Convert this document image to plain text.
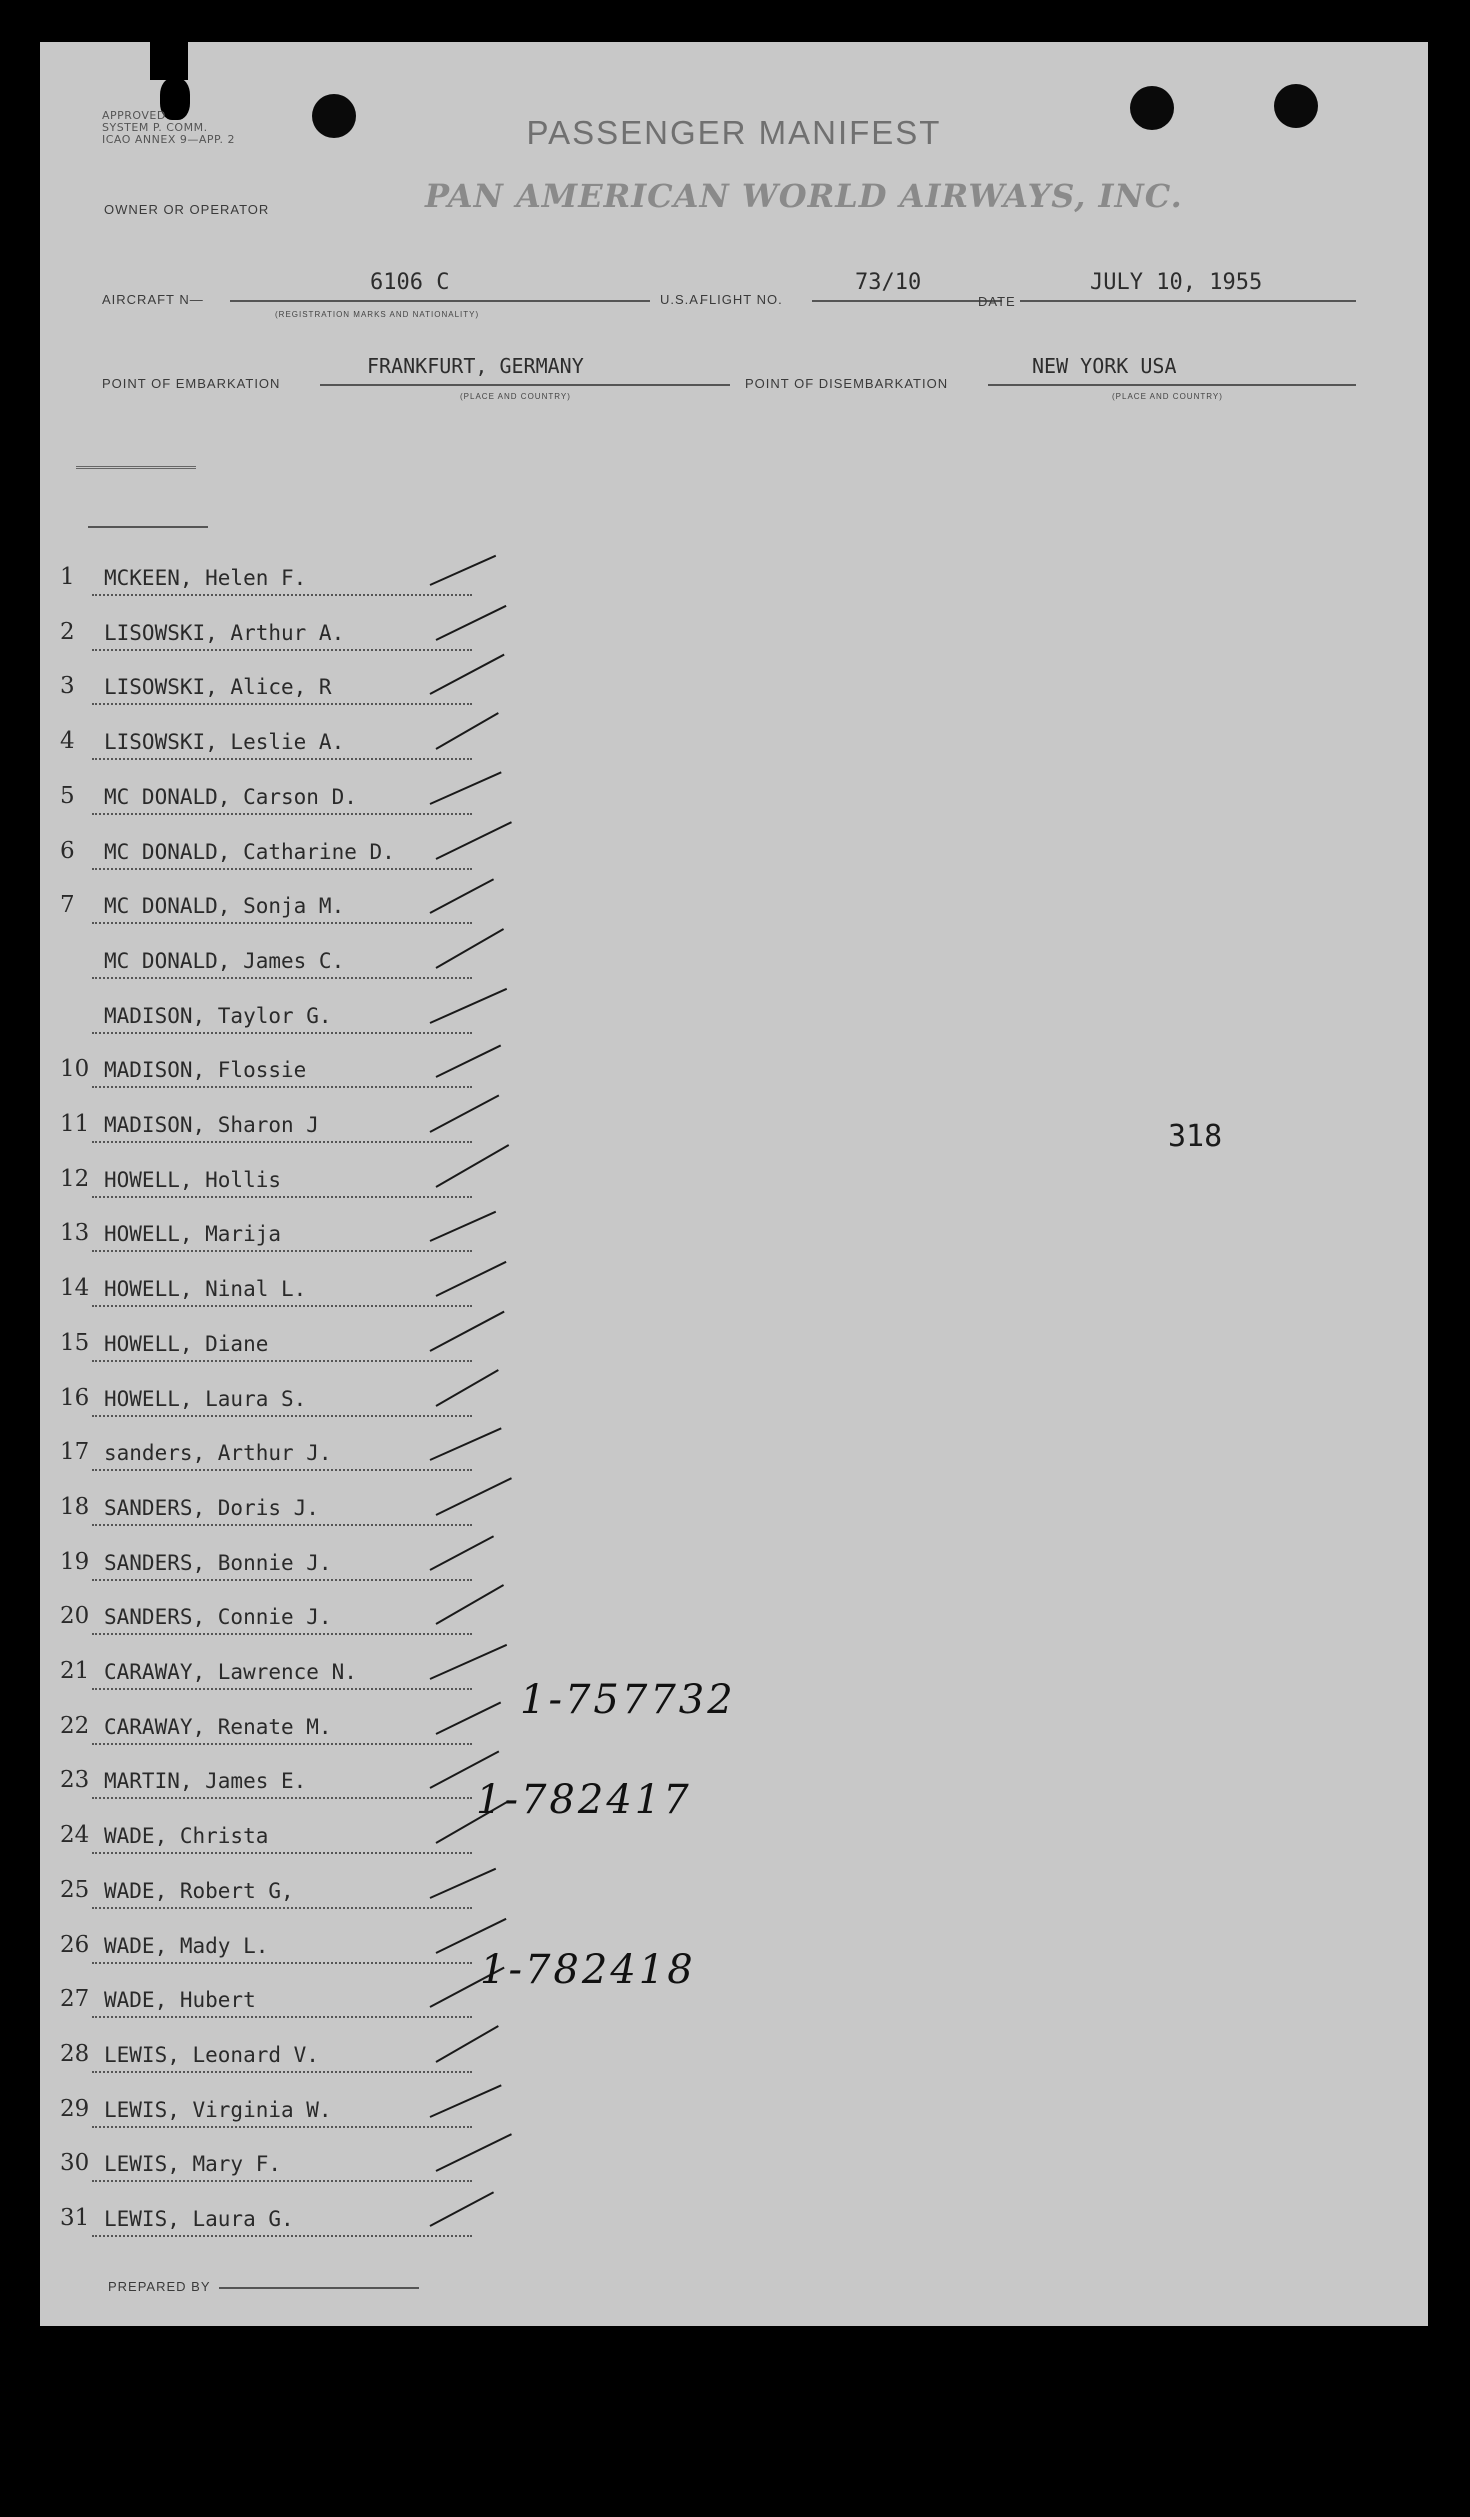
APPROVED
SYSTEM P. COMM.
ICAO ANNEX 9—APP. 2	PASSENGER MANIFEST
OWNER OR OPERATOR	PAN AMERICAN WORLD AIRWAYS, INC.
AIRCRAFT N—
6106 C
(REGISTRATION MARKS AND NATIONALITY)
U.S.A.
FLIGHT NO.
73/10
DATE
JULY 10, 1955
POINT OF EMBARKATION
FRANKFURT, GERMANY
(PLACE AND COUNTRY)
POINT OF DISEMBARKATION
NEW YORK USA
(PLACE AND COUNTRY)
1	MCKEEN, Helen F.
2	LISOWSKI, Arthur A.
3	LISOWSKI, Alice, R
4	LISOWSKI, Leslie A.
5	MC DONALD, Carson D.
6	MC DONALD, Catharine D.
7	MC DONALD, Sonja M.
MC DONALD, James C.
MADISON, Taylor G.
10 MADISON, Flossie
11 MADISON, Sharon J
12 HOWELL, Hollis
13 HOWELL, Marija
14 HOWELL, Ninal L.
15 HOWELL, Diane
16 HOWELL, Laura S.
17 sanders, Arthur J.
18 SANDERS, Doris J.
19 SANDERS, Bonnie J.
20 SANDERS, Connie J.
21 CARAWAY, Lawrence N.
22 CARAWAY, Renate M.
23 MARTIN, James E.
24 WADE, Christa
25 WADE, Robert G,
26 WADE, Mady L.
27 WADE, Hubert
28 LEWIS, Leonard V.
29 LEWIS, Virginia W.
30 LEWIS, Mary F.
31 LEWIS, Laura G.
1-757732
1-782417
1-782418
318
PREPARED BY
